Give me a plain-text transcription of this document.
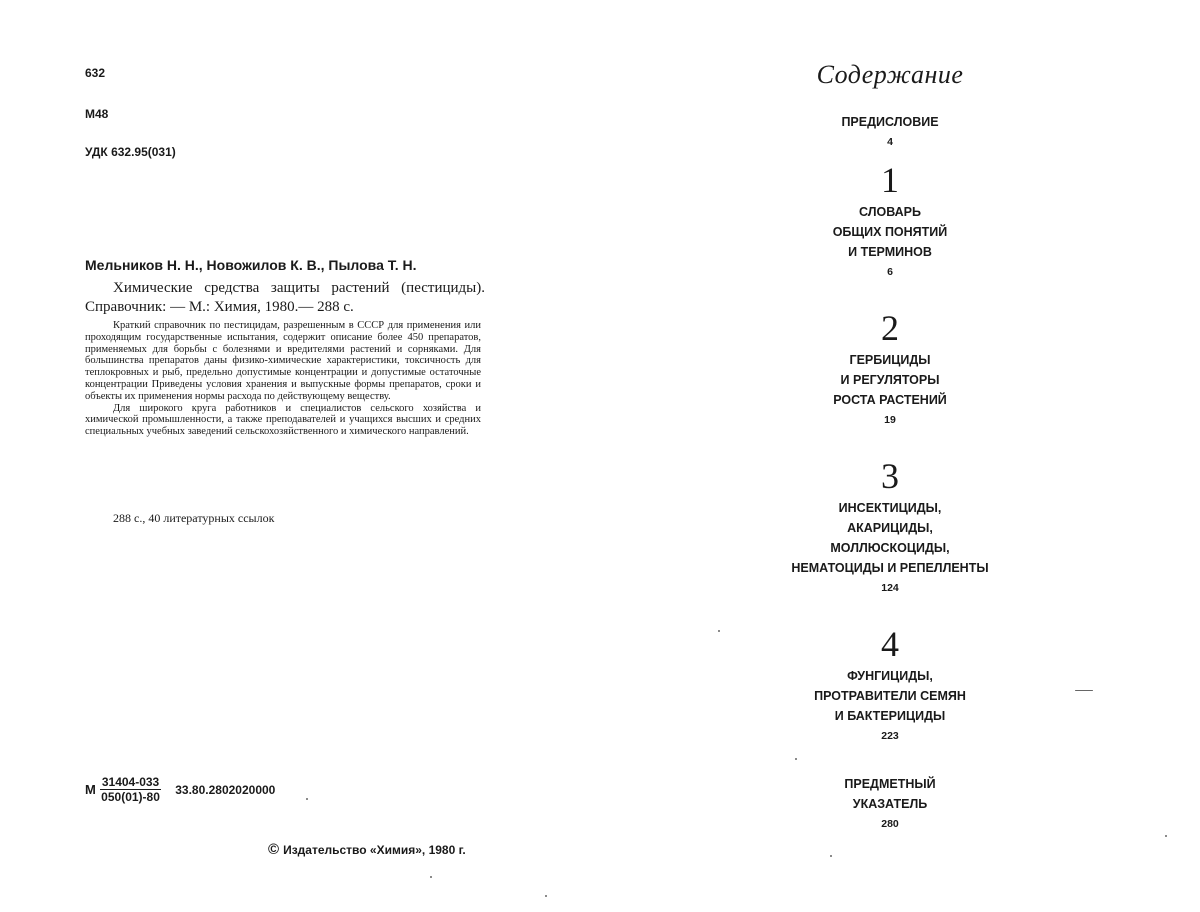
632
М48
УДК 632.95(031)
Мельников Н. Н., Новожилов К. В., Пылова Т. Н.
Химические средства защиты растений (пестициды). Справочник: — М.: Химия, 1980.— 288 с.

Краткий справочник по пестицидам, разрешенным в СССР для применения или проходящим государственные испытания, содержит описание более 450 препаратов, применяемых для борьбы с болезнями и вредителями растений и сорняками. Для большинства препаратов даны физико-химические характеристики, токсичность для теплокровных и рыб, предельно допустимые концентрации и допустимые остаточные концентрации Приведены условия хранения и выпускные формы препаратов, сроки и объекты их применения нормы расхода по действующему веществу.

Для широкого круга работников и специалистов сельского хозяйства и химической промышленности, а также преподавателей и учащихся высших и средних специальных учебных заведений сельскохозяйственного и химического направлений.

288 с., 40 литературных ссылок
М $\frac{31404-033}{050(01)-80} 33.80.2802020000$
© Издательство «Химия», 1980 г.
Содержание
ПРЕДИСЛОВИЕ
4
1
СЛОВАРЬ
ОБЩИХ ПОНЯТИЙ
И ТЕРМИНОВ
6
2
ГЕРБИЦИДЫ
И РЕГУЛЯТОРЫ
РОСТА РАСТЕНИЙ
19
3
ИНСЕКТИЦИДЫ,
АКАРИЦИДЫ,
МОЛЛЮСКОЦИДЫ,
НЕМАТОЦИДЫ И РЕПЕЛЛЕНТЫ
124
4
ФУНГИЦИДЫ,
ПРОТРАВИТЕЛИ СЕМЯН
И БАКТЕРИЦИДЫ
223
ПРЕДМЕТНЫЙ
УКАЗАТЕЛЬ
280
